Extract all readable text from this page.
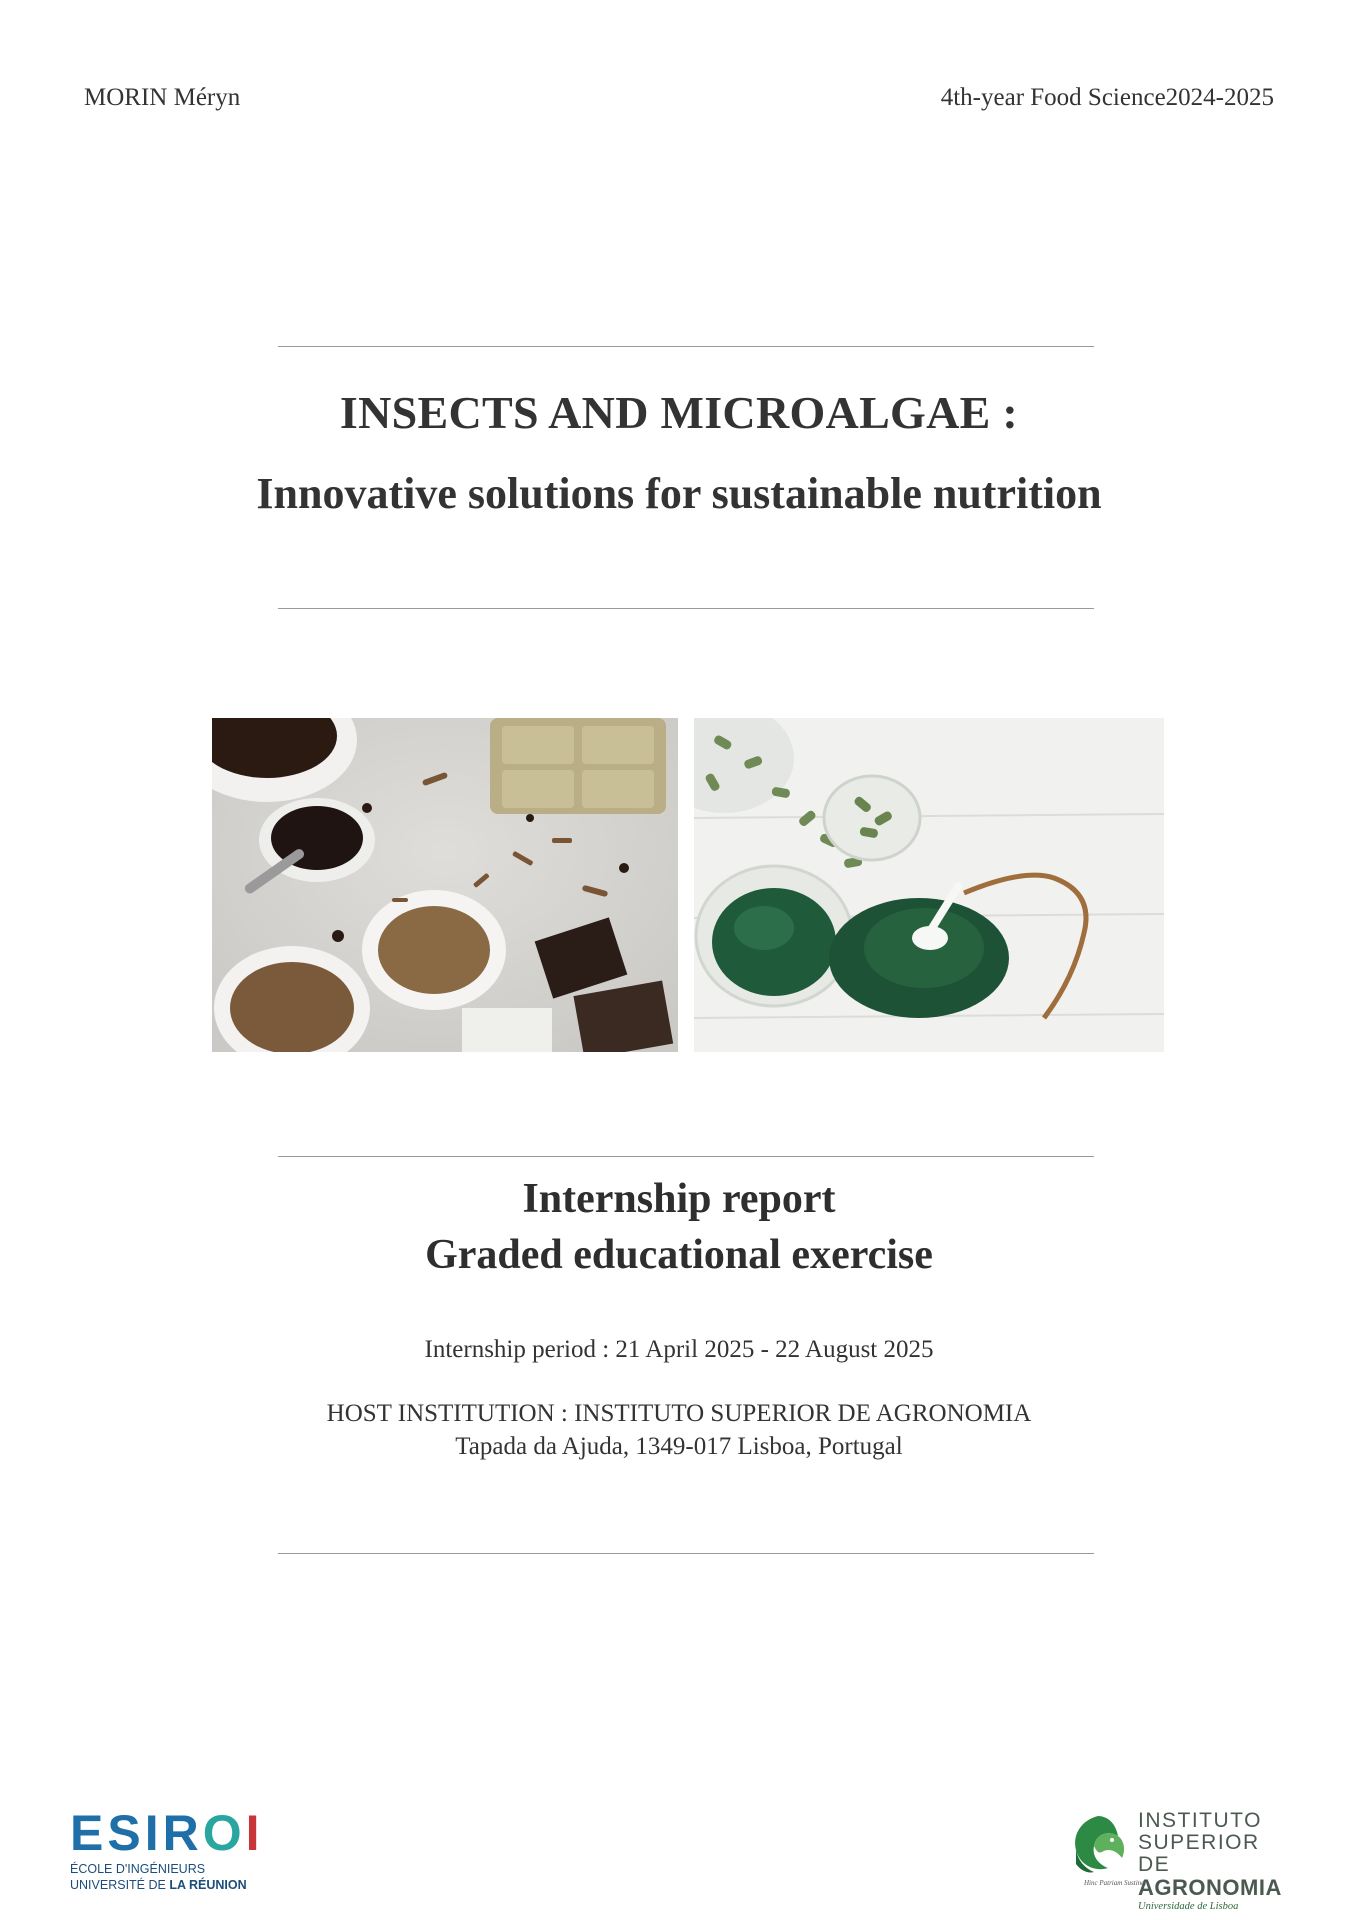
MORIN Méryn	4th-year Food Science2024-2025
INSECTS AND MICROALGAE :
Innovative solutions for sustainable nutrition
Internship report
Graded educational exercise
Internship period : 21 April 2025 - 22 August 2025
HOST INSTITUTION : INSTITUTO SUPERIOR DE AGRONOMIA
Tapada da Ajuda, 1349-017 Lisboa, Portugal
ESIROI
ÉCOLE D'INGÉNIEURS
UNIVERSITÉ DE LA RÉUNION	Hinc Patriam Sustinet
INSTITUTO
SUPERIOR DE
AGRONOMIA
Universidade de Lisboa
